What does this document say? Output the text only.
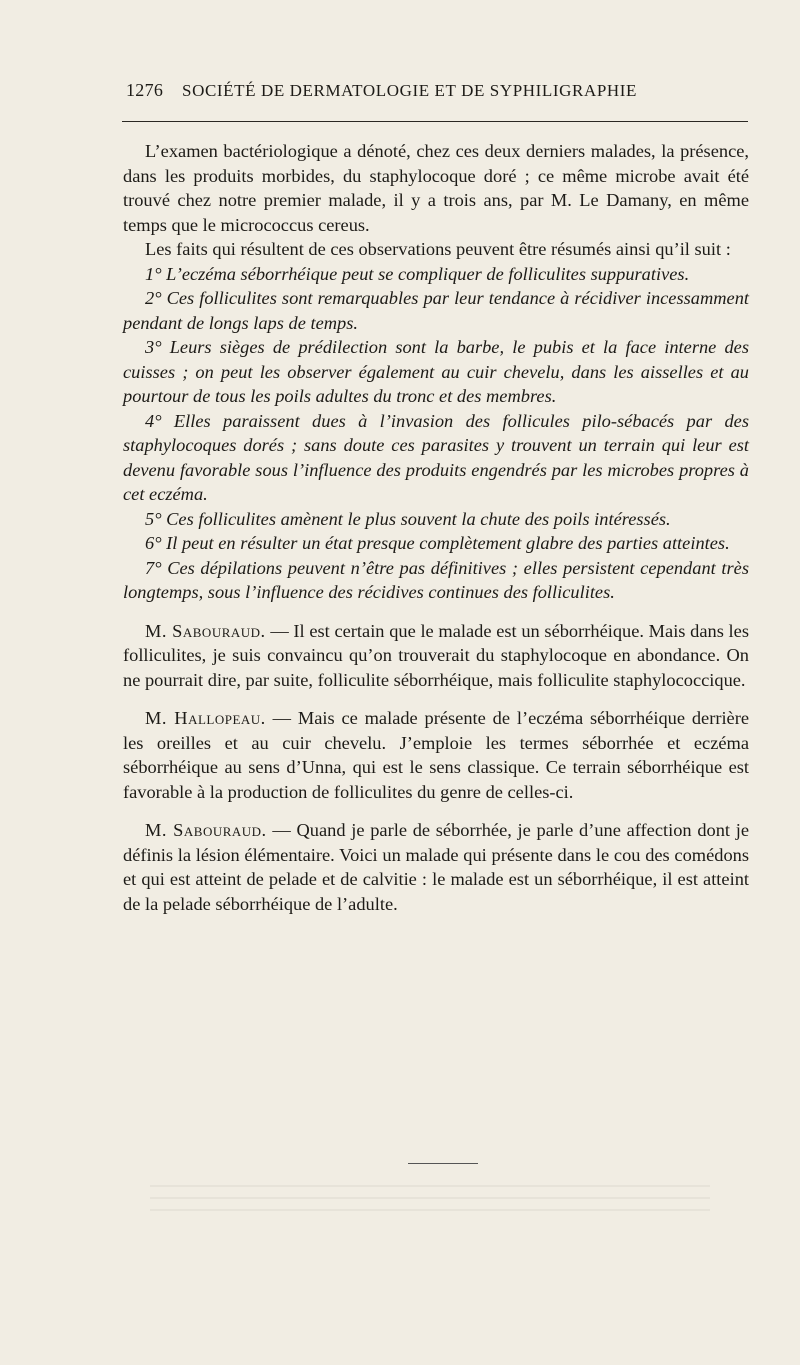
1276 SOCIÉTÉ DE DERMATOLOGIE ET DE SYPHILIGRAPHIE

L’examen bactériologique a dénoté, chez ces deux derniers malades, la présence, dans les produits morbides, du staphylocoque doré ; ce même microbe avait été trouvé chez notre premier malade, il y a trois ans, par M. Le Damany, en même temps que le micrococcus cereus.

Les faits qui résultent de ces observations peuvent être résumés ainsi qu’il suit :

1° L’eczéma séborrhéique peut se compliquer de folliculites suppuratives.

2° Ces folliculites sont remarquables par leur tendance à récidiver incessamment pendant de longs laps de temps.

3° Leurs sièges de prédilection sont la barbe, le pubis et la face interne des cuisses ; on peut les observer également au cuir chevelu, dans les aisselles et au pourtour de tous les poils adultes du tronc et des membres.

4° Elles paraissent dues à l’invasion des follicules pilo-sébacés par des staphylocoques dorés ; sans doute ces parasites y trouvent un terrain qui leur est devenu favorable sous l’influence des produits engendrés par les microbes propres à cet eczéma.

5° Ces folliculites amènent le plus souvent la chute des poils intéressés.

6° Il peut en résulter un état presque complètement glabre des parties atteintes.

7° Ces dépilations peuvent n’être pas définitives ; elles persistent cependant très longtemps, sous l’influence des récidives continues des folliculites.

M. Sabouraud. — Il est certain que le malade est un séborrhéique. Mais dans les folliculites, je suis convaincu qu’on trouverait du staphylocoque en abondance. On ne pourrait dire, par suite, folliculite séborrhéique, mais folliculite staphylococcique.

M. Hallopeau. — Mais ce malade présente de l’eczéma séborrhéique derrière les oreilles et au cuir chevelu. J’emploie les termes séborrhée et eczéma séborrhéique au sens d’Unna, qui est le sens classique. Ce terrain séborrhéique est favorable à la production de folliculites du genre de celles-ci.

M. Sabouraud. — Quand je parle de séborrhée, je parle d’une affection dont je définis la lésion élémentaire. Voici un malade qui présente dans le cou des comédons et qui est atteint de pelade et de calvitie : le malade est un séborrhéique, il est atteint de la pelade séborrhéique de l’adulte.
